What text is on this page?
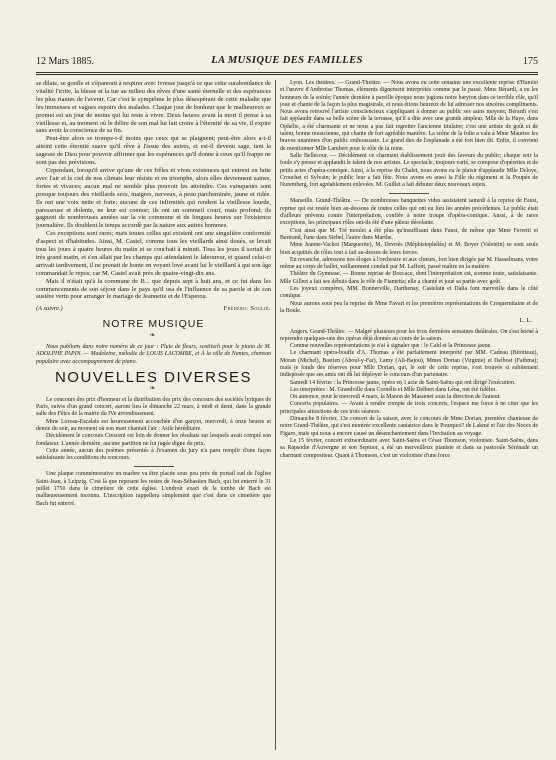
12 Mars 1885.	LA MUSIQUE DES FAMILLES	175

se dilate, se gonfle et s'épanouit à respirer avec ivresse jusqu'à ce que cette surabondance de vitalité l'irrite, la blesse et la tue au milieu des rêves d'une santé éternelle et des espérances les plus riantes de l'avenir. Car c'est le symptôme le plus désespérant de cette maladie que les immenses et vagues espoirs des malades. Chaque jour de bonheur que le malheureux se promet est un jour de moins qui lui reste à vivre. Deux heures avant la mort il pense à sa vieillesse et, au moment où le délire de son mal lui fait croire à l'éternité de sa vie, il expire sans avoir la conscience de sa fin.

Peut-être alors se trompe-t-il moins que ceux qui se plaignent; peut-être alors a-t-il atteint cette éternité suave qu'il rêve à l'issue des autres, et est-il devenu sage, tant la sagesse de Dieu pour pouvoir affirmer que les espérances qu'il donne à ceux qu'il frappe ne sont pas des prévisions.

Cependant, lorsqu'il arrive qu'une de ces frêles et vives existences qui entrent en lutte avec l'air et le ciel de nos climats leur résiste et en triomphe, alors elles deviennent saines, fortes et vivaces; aucun mal ne semble plus pouvoir les atteindre. Ces vainqueurs sont presque toujours des vieillards secs, maigres, nerveux, à peau parcheminée, jaune et ridée. Ils ont une voix nette et forte; aucune de ces infirmités qui rendent la vieillesse lourde, paresseuse et dolente, ne leur est connue; ils ont un sommeil court, mais profond; ils gagnent de nombreuses années sur la vie commune et de longues heures sur l'existence journalière. Ils doublent le temps accordé par la nature aux autres hommes.

Ces exceptions sont rares; mais toutes celles qui existent ont une singulière conformité d'aspect et d'habitudes. Ainsi, M. Castel, comme tous les vieillards ainsi doués, se levait tous les jours à quatre heures du matin et se couchait à minuit. Tous les jours il sortait de très grand matin, et s'en allait par les champs qui attendaient le laboureur, et quand celui-ci arrivait tardivement, il ne prenait de honte en voyant lové avant lui le vieillard à qui son âge commandait le repos; car M. Castel avait près de quatre-vingt-dix ans.

Mais il n'était qu'à la commune de B... que depuis sept à huit ans, et ce fut dans les commencements de son séjour dans le pays qu'il usa de l'influence de sa parole et de son austère vertu pour arranger le mariage de Jeannette et de l'Esperou.

(A suivre.)	Frédéric Soulié.
NOTRE MUSIQUE
❧

Nous publions dans notre numéro de ce jour : Pluie de fleurs, scottisch pour le piano de M. ADOLPHE PAPIN. — Madeleine, mélodie de LOUIS LACOMBE, et À la ville de Nantes, chanson populaire avec accompagnement de piano.

NOUVELLES DIVERSES
❧

Le concours des prix d'honneur et la distribution des prix des concours des sociétés lyriques de Paris, suivis d'un grand concert, auront lieu le dimanche 22 mars, à midi et demi, dans la grande salle des Fêtes de la mairie du IVe arrondissement.

Mme Loreau-Escalais est heureusement accouchée d'un garçon, mercredi, à onze heures et demie du soir, au moment où son mari chantait l'air : Asile héréditaire.

Décidément le concours Crescent est loin de donner les résultats sur lesquels avait compté son fondateur. L'année dernière, aucune partition ne fut jugée digne du prix.

Cette année, aucun des poèmes présentés à l'examen du jury n'a paru remplir d'une façon satisfaisante les conditions du concours.

Une plaque commémorative en marbre va être placée sous peu près du portail sud de l'église Saint-Jean, à Leipzig. C'est là que reposent les restes de Jean-Sébastien Bach, qui fut enterré le 31 juillet 1750 dans le cimetière de cette église. L'endroit exact de la tombe de Bach est malheureusement inconnu. L'inscription rappellera simplement que c'est dans ce cimetière que Bach fut enterré.

Lyon. Les théâtres. — Grand-Théâtre. — Nous avons eu cette semaine une excellente reprise d'Hamlet et l'œuvre d'Ambroise Thomas, éléments dignement interprétés comme par le passé. Mme Bérardi, a eu les honneurs de la soirée; l'année dernière à pareille époque nous jugions notre baryton dans ce terrible rôle, qu'il joue et chante de la façon la plus magistrale, et nous étions heureux de lui adresser nos sincères compliments. Nous avons retrouvé l'artiste consciencieux s'appliquant à donner au public ses sains moyens; Bérardi s'est fait applaudir dans sa belle scène de la terrasse, qu'il a dite avec une grande ampleur. Mlle de la Haye, dans Ophélie, a été charmante et ne nous a pas fait regretter l'ancienne titulaire; c'est une artiste de goût et de talent, bonne musicienne, qui chante de fort agréable manière. La scène de la folie a valu à Mme Maurice les bravos unanimes d'un public enthousiaste. Le grand duo de l'esplanade a été fort bien dit. Enfin, il convient de mentionner Mlle Lambert pour le rôle de la reine.

Salle Bellecour. — Décidément ce charmant établissement jouit des faveurs du public; chaque soir la foule s'y presse et applaudit le talent de nos artistes. Le spectacle, toujours varié, se compose d'opérettes et de petits actes d'opéra-comique. Ainsi, à la reprise du Chalet, nous avons eu le plaisir d'applaudir Mlle Deloye, Crouchet et Sylvain; le public leur a fait fête. Nous avons eu aussi la Fille du régiment et la Poupée de Nuremberg, fort agréablement enlevées. M. Guillet a fait débuter deux nouveaux sujets.

Marseille. Grand-Théâtre. — De nombreuses banquettes vides assistaient samedi à la reprise de Faust, reprise qui est restée bien au-dessous de toutes celles qui ont eu lieu les années précédentes. Le public était d'ailleurs prévenu contre l'interprétation, confiée à notre troupe d'opéra-comique. Aussi, à de rares exceptions, les principaux rôles ont-ils été d'une pâleur désolante.

C'est ainsi que M. Tré moulet a été plus qu'insuffisant dans Faust, de même que Mme Ferretti et Bertrand, l'une dans Siebel, l'autre dans Marthe.

Mme Jeanne-Vachot (Marguerite), M. Devriès (Méphistophélès) et M. Boyer (Valentin) se sont seuls bien acquittés de rôles tout à fait au-dessus de leurs forces.

En revanche, adressons nos éloges à l'orchestre et aux chœurs, fort bien dirigés par M. Hasselmans, votre même au corps de ballet, vaillamment conduit par M. Laffont, passé maître en la matière.

Théâtre du Gymnase. — Bonne reprise de Boccace, dont l'interprétation est, somme toute, satisfaisante. Mlle Gillert a fait ses débuts dans le rôle de Fiametta; elle a chanté et joué sa partie avec goût.

Les joyeux compères, MM. Bonnerville, Darthenay, Castelain et Dalia font merveille dans le côté comique.

Nous aurons sous peu la reprise de Mme Favart et les premières représentations de Croquemitaine et de la Boule.

L. L.

Angers. Grand-Théâtre. — Malgré plusieurs pour les trois dernières semaines théâtrales. On s'est borné à reprendre quelques-uns des opéras déjà donnés au cours de la saison.

Comme nouvelles représentations je n'ai à signaler que : le Caïd et la Princesse jaune.

Le charmant opéra-bouffe d'A. Thomas a été parfaitement interprété par MM. Cadeau (Birotteau), Moran (Michel), Bastien (Aboul-y-Far), Lamy (Ali-Bajou), Mmes Dorian (Virginie) et Delbost (Fathma); mais je fonds des réserves pour Mlle Dorian, qui, le soir de cette reprise, s'est trouvée si subitement indisposée que ses amis ont dû lui déployer le concours d'un partenaire.

Samedi 14 février : la Princesse jaune, opéra en 1 acte de Saint-Saëns qui ont dirigé l'exécution.

Les interprètes : M. Grandville dans Cornélis et Mlle Delbert dans Léna, ont été fidèles.

On annonce, pour le mercredi 4 mars, la Manon de Massenet sous la direction de l'auteur.

Concerts populaires. — Avant à rendre compte de trois concerts, l'espace me force à ne citer que les principales attractions de ces trois séances.

Dimanche 8 février, 13e concert de la saison, avec le concours de Mme Dorian, première chanteuse de notre Grand-Théâtre, qui s'est montrée excellente cantatrice dans le Pourquoi? de Lakmé et l'air des Noces de Figaro, mais qui nous a encore causé un désenchantement dans l'Invitation au voyage.

Le 15 février, concert extraordinaire avec Saint-Saëns et César Thomson, violoniste. Saint-Saëns, dans sa Rapsodie d'Auvergne et son Septuor, a été un merveilleux pianiste et dans sa pastorale Sérénade un charmant compositeur. Quant à Thomson, c'est un violoniste d'une force
